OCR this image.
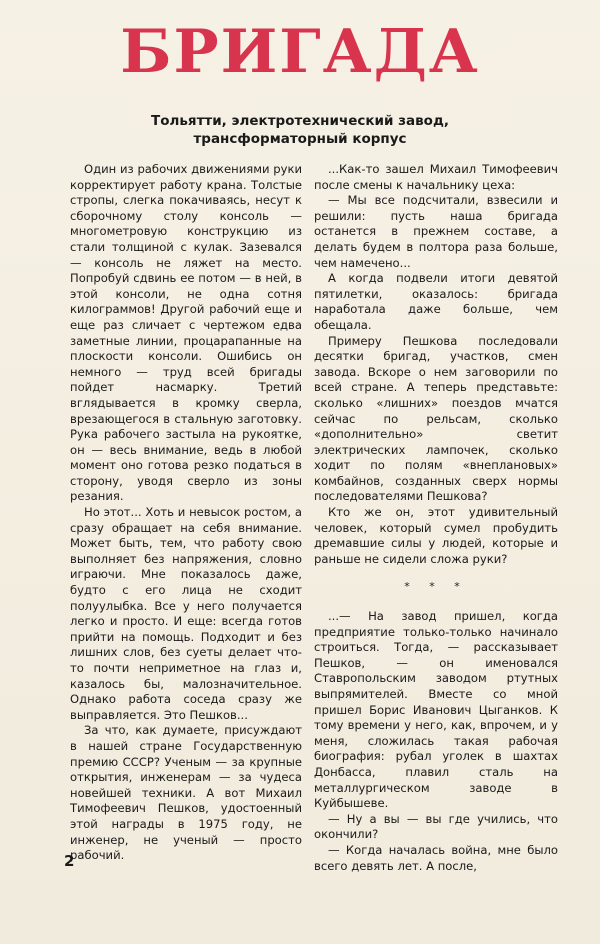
БРИГАДА
Тольятти, электротехнический завод,
трансформаторный корпус

Один из рабочих движениями руки корректирует работу крана. Толстые стропы, слегка покачиваясь, несут к сборочному столу консоль — многометровую конструкцию из стали толщиной с кулак. Зазевался — консоль не ляжет на место. Попробуй сдвинь ее потом — в ней, в этой консоли, не одна сотня килограммов! Другой рабочий еще и еще раз сличает с чертежом едва заметные линии, процарапанные на плоскости консоли. Ошибись он немного — труд всей бригады пойдет насмарку. Третий вглядывается в кромку сверла, врезающегося в стальную заготовку. Рука рабочего застыла на рукоятке, он — весь внимание, ведь в любой момент оно готова резко податься в сторону, уводя сверло из зоны резания.

Но этот... Хоть и невысок ростом, а сразу обращает на себя внимание. Может быть, тем, что работу свою выполняет без напряжения, словно играючи. Мне показалось даже, будто с его лица не сходит полуулыбка. Все у него получается легко и просто. И еще: всегда готов прийти на помощь. Подходит и без лишних слов, без суеты делает что-то почти неприметное на глаз и, казалось бы, малозначительное. Однако работа соседа сразу же выправляется. Это Пешков...

За что, как думаете, присуждают в нашей стране Государственную премию СССР? Ученым — за крупные открытия, инженерам — за чудеса новейшей техники. А вот Михаил Тимофеевич Пешков, удостоенный этой награды в 1975 году, не инженер, не ученый — просто рабочий.

...Как-то зашел Михаил Тимофеевич после смены к начальнику цеха:

— Мы все подсчитали, взвесили и решили: пусть наша бригада останется в прежнем составе, а делать будем в полтора раза больше, чем намечено...

А когда подвели итоги девятой пятилетки, оказалось: бригада наработала даже больше, чем обещала.

Примеру Пешкова последовали десятки бригад, участков, смен завода. Вскоре о нем заговорили по всей стране. А теперь представьте: сколько «лишних» поездов мчатся сейчас по рельсам, сколько «дополнительно» светит электрических лампочек, сколько ходит по полям «внеплановых» комбайнов, созданных сверх нормы последователями Пешкова?

Кто же он, этот удивительный человек, который сумел пробудить дремавшие силы у людей, которые и раньше не сидели сложа руки?

* * *

...— На завод пришел, когда предприятие только-только начинало строиться. Тогда, — рассказывает Пешков, — он именовался Ставропольским заводом ртутных выпрямителей. Вместе со мной пришел Борис Иванович Цыганков. К тому времени у него, как, впрочем, и у меня, сложилась такая рабочая биография: рубал уголек в шахтах Донбасса, плавил сталь на металлургическом заводе в Куйбышеве.

— Ну а вы — вы где учились, что окончили?

— Когда началась война, мне было всего девять лет. А после,

2
